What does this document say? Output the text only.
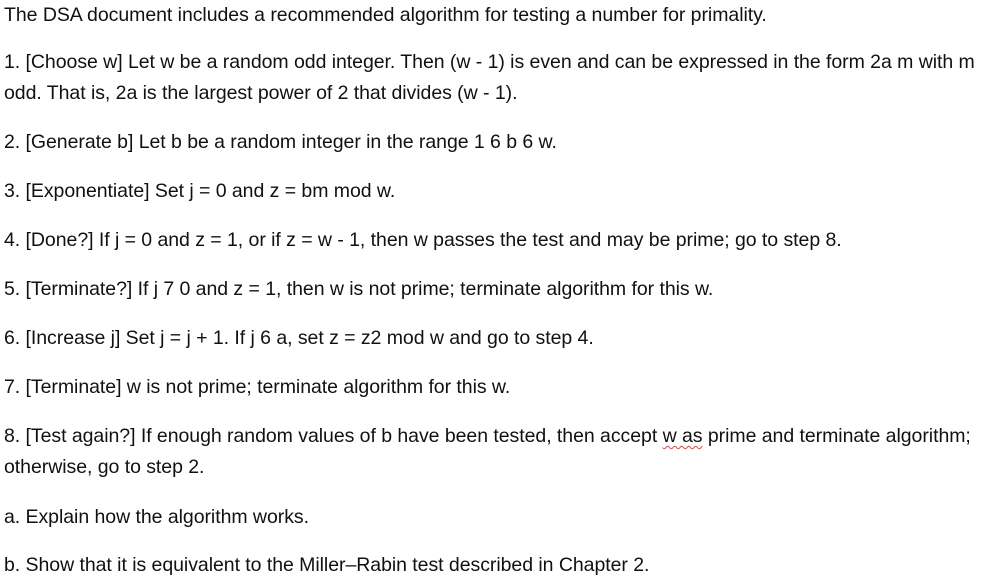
The DSA document includes a recommended algorithm for testing a number for primality.

1. [Choose w] Let w be a random odd integer. Then (w - 1) is even and can be expressed in the form 2a m with m odd. That is, 2a is the largest power of 2 that divides (w - 1).

2. [Generate b] Let b be a random integer in the range 1 6 b 6 w.

3. [Exponentiate] Set j = 0 and z = bm mod w.

4. [Done?] If j = 0 and z = 1, or if z = w - 1, then w passes the test and may be prime; go to step 8.

5. [Terminate?] If j 7 0 and z = 1, then w is not prime; terminate algorithm for this w.

6. [Increase j] Set j = j + 1. If j 6 a, set z = z2 mod w and go to step 4.

7. [Terminate] w is not prime; terminate algorithm for this w.

8. [Test again?] If enough random values of b have been tested, then accept w as prime and terminate algorithm; otherwise, go to step 2.

a. Explain how the algorithm works.

b. Show that it is equivalent to the Miller–Rabin test described in Chapter 2.
